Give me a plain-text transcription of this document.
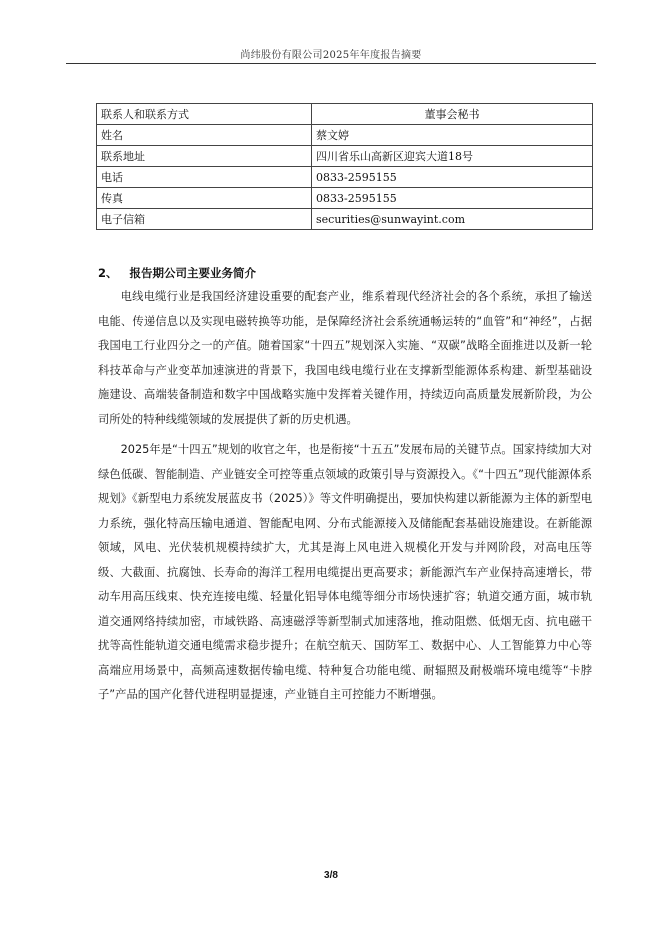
尚纬股份有限公司2025年年度报告摘要
联系人和联系方式	董事会秘书
姓名	蔡文婷
联系地址	四川省乐山高新区迎宾大道18号
电话	0833-2595155
传真	0833-2595155
电子信箱	securities@sunwayint.com
2、 报告期公司主要业务简介

电线电缆行业是我国经济建设重要的配套产业，维系着现代经济社会的各个系统，承担了输送电能、传递信息以及实现电磁转换等功能，是保障经济社会系统通畅运转的“血管”和“神经”，占据我国电工行业四分之一的产值。随着国家“十四五”规划深入实施、“双碳”战略全面推进以及新一轮科技革命与产业变革加速演进的背景下，我国电线电缆行业在支撑新型能源体系构建、新型基础设施建设、高端装备制造和数字中国战略实施中发挥着关键作用，持续迈向高质量发展新阶段，为公司所处的特种线缆领域的发展提供了新的历史机遇。

2025年是“十四五”规划的收官之年，也是衔接“十五五”发展布局的关键节点。国家持续加大对绿色低碳、智能制造、产业链安全可控等重点领域的政策引导与资源投入。《“十四五”现代能源体系规划》《新型电力系统发展蓝皮书（2025）》等文件明确提出，要加快构建以新能源为主体的新型电力系统，强化特高压输电通道、智能配电网、分布式能源接入及储能配套基础设施建设。在新能源领域，风电、光伏装机规模持续扩大，尤其是海上风电进入规模化开发与并网阶段，对高电压等级、大截面、抗腐蚀、长寿命的海洋工程用电缆提出更高要求；新能源汽车产业保持高速增长，带动车用高压线束、快充连接电缆、轻量化铝导体电缆等细分市场快速扩容；轨道交通方面，城市轨道交通网络持续加密，市域铁路、高速磁浮等新型制式加速落地，推动阻燃、低烟无卤、抗电磁干扰等高性能轨道交通电缆需求稳步提升；在航空航天、国防军工、数据中心、人工智能算力中心等高端应用场景中，高频高速数据传输电缆、特种复合功能电缆、耐辐照及耐极端环境电缆等“卡脖子”产品的国产化替代进程明显提速，产业链自主可控能力不断增强。

3/8
